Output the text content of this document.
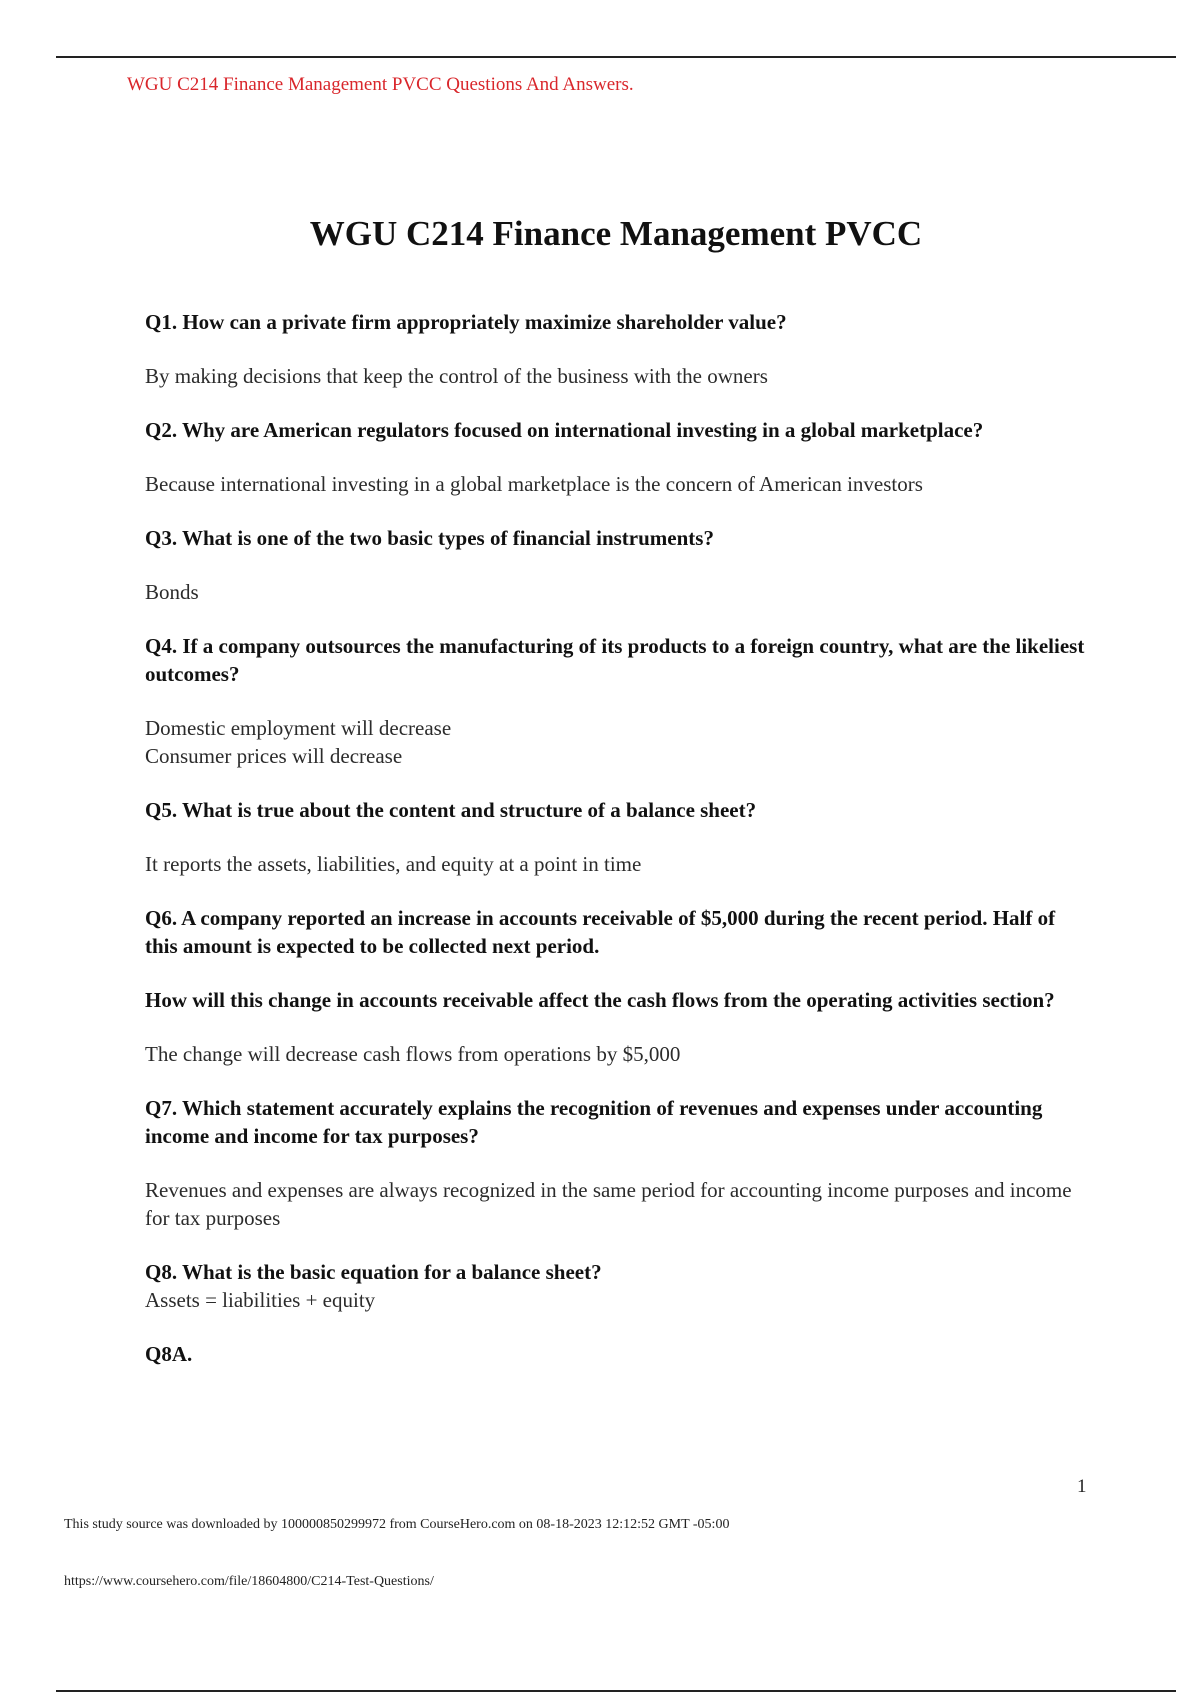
WGU C214 Finance Management PVCC Questions And Answers.
WGU C214 Finance Management PVCC
Q1. How can a private firm appropriately maximize shareholder value?
By making decisions that keep the control of the business with the owners
Q2. Why are American regulators focused on international investing in a global marketplace?
Because international investing in a global marketplace is the concern of American investors
Q3. What is one of the two basic types of financial instruments?
Bonds
Q4. If a company outsources the manufacturing of its products to a foreign country, what are the likeliest outcomes?
Domestic employment will decrease
Consumer prices will decrease
Q5. What is true about the content and structure of a balance sheet?
It reports the assets, liabilities, and equity at a point in time
Q6. A company reported an increase in accounts receivable of $5,000 during the recent period. Half of this amount is expected to be collected next period.
How will this change in accounts receivable affect the cash flows from the operating activities section?
The change will decrease cash flows from operations by $5,000
Q7. Which statement accurately explains the recognition of revenues and expenses under accounting income and income for tax purposes?
Revenues and expenses are always recognized in the same period for accounting income purposes and income for tax purposes
Q8. What is the basic equation for a balance sheet?
Assets = liabilities + equity
Q8A.
1
This study source was downloaded by 100000850299972 from CourseHero.com on 08-18-2023 12:12:52 GMT -05:00
https://www.coursehero.com/file/18604800/C214-Test-Questions/
